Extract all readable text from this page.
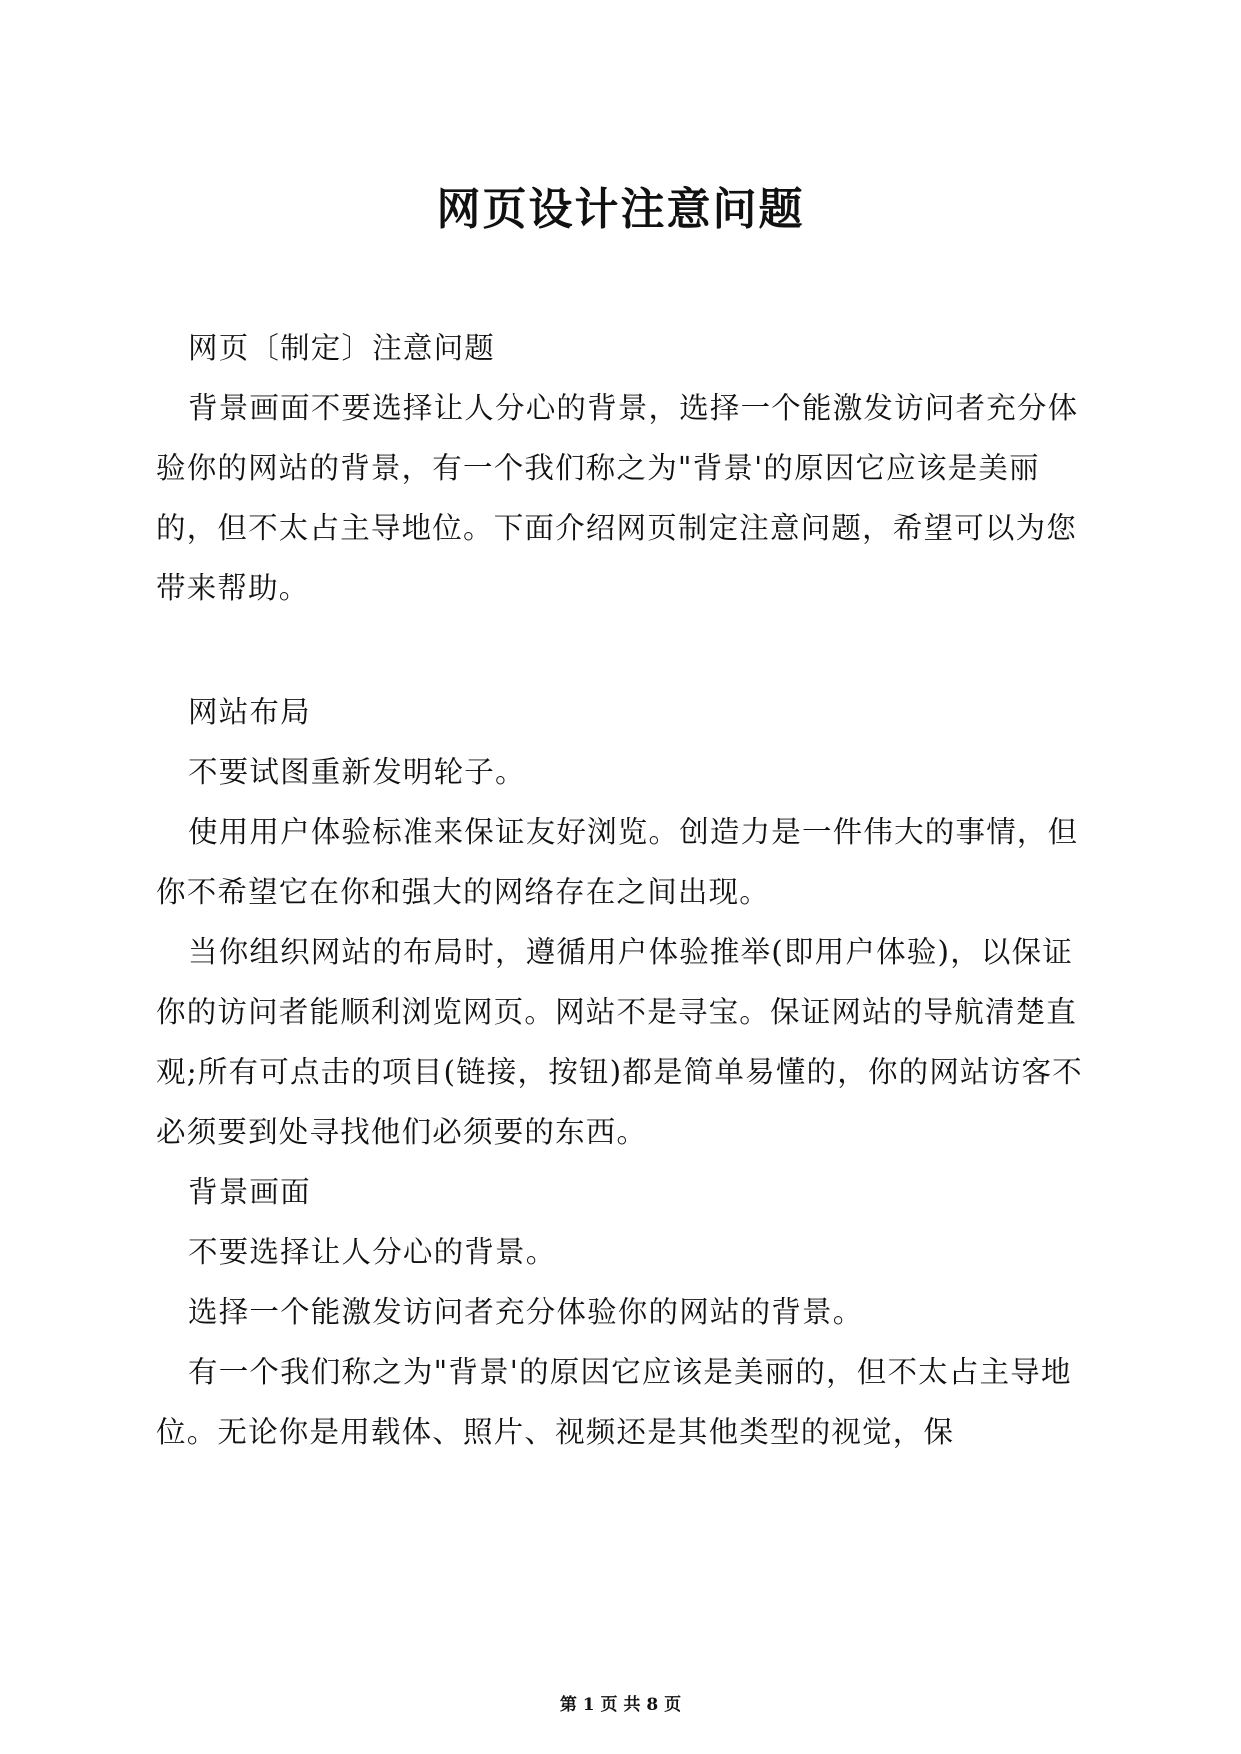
网页设计注意问题

网页〔制定〕注意问题

背景画面不要选择让人分心的背景，选择一个能激发访问者充分体验你的网站的背景，有一个我们称之为"背景'的原因它应该是美丽的，但不太占主导地位。下面介绍网页制定注意问题，希望可以为您带来帮助。

网站布局

不要试图重新发明轮子。

使用用户体验标准来保证友好浏览。创造力是一件伟大的事情，但你不希望它在你和强大的网络存在之间出现。

当你组织网站的布局时，遵循用户体验推举(即用户体验)，以保证你的访问者能顺利浏览网页。网站不是寻宝。保证网站的导航清楚直观;所有可点击的项目(链接，按钮)都是简单易懂的，你的网站访客不必须要到处寻找他们必须要的东西。

背景画面

不要选择让人分心的背景。

选择一个能激发访问者充分体验你的网站的背景。

有一个我们称之为"背景'的原因它应该是美丽的，但不太占主导地位。无论你是用载体、照片、视频还是其他类型的视觉，保

第 1 页 共 8 页
